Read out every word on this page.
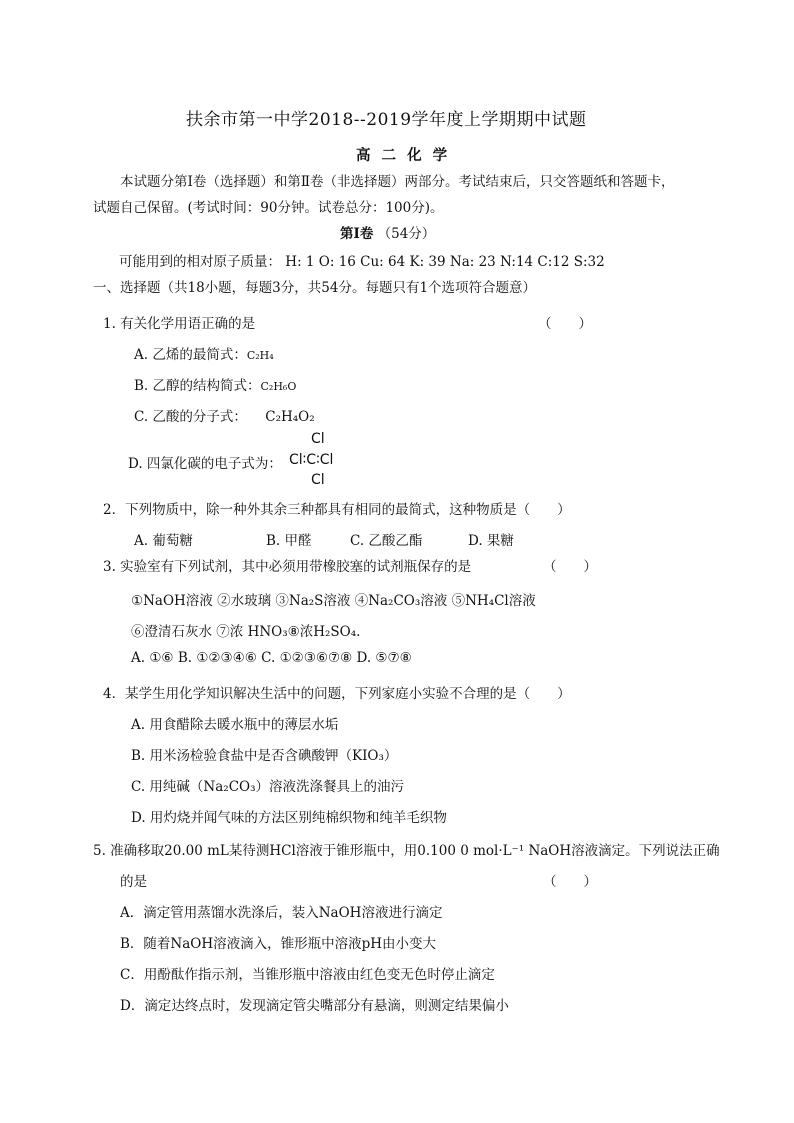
扶余市第一中学2018--2019学年度上学期期中试题
高 二 化 学
本试题分第Ⅰ卷（选择题）和第Ⅱ卷（非选择题）两部分。考试结束后，只交答题纸和答题卡，
试题自己保留。(考试时间：90分钟。试卷总分：100分)。
第Ⅰ卷 （54分）
可能用到的相对原子质量： H: 1 O: 16 Cu: 64 K: 39 Na: 23 N:14 C:12 S:32
一、选择题（共18小题，每题3分，共54分。每题只有1个选项符合题意）
1. 有关化学用语正确的是	（　　）
A. 乙烯的最简式：C₂H₄
B. 乙醇的结构简式：C₂H₆O
C. 乙酸的分子式： C₂H₄O₂
D. 四氯化碳的电子式为：
Cl
Cl∶C∶Cl
Cl
2．下列物质中，除一种外其余三种都具有相同的最简式，这种物质是（　　）
A. 葡萄糖	B. 甲醛	C. 乙酸乙酯	D. 果糖
3. 实验室有下列试剂，其中必须用带橡胶塞的试剂瓶保存的是	（　　）
①NaOH溶液 ②水玻璃 ③Na₂S溶液 ④Na₂CO₃溶液 ⑤NH₄Cl溶液
⑥澄清石灰水 ⑦浓 HNO₃⑧浓H₂SO₄.
A. ①⑥ B. ①②③④⑥ C. ①②③⑥⑦⑧ D. ⑤⑦⑧
4．某学生用化学知识解决生活中的问题，下列家庭小实验不合理的是（　　）
A. 用食醋除去暖水瓶中的薄层水垢
B. 用米汤检验食盐中是否含碘酸钾（KIO₃）
C. 用纯碱（Na₂CO₃）溶液洗涤餐具上的油污
D. 用灼烧并闻气味的方法区别纯棉织物和纯羊毛织物
5. 准确移取20.00 mL某待测HCl溶液于锥形瓶中，用0.100 0 mol·L⁻¹ NaOH溶液滴定。下列说法正确
的是	（　　）
A．滴定管用蒸馏水洗涤后，装入NaOH溶液进行滴定
B．随着NaOH溶液滴入，锥形瓶中溶液pH由小变大
C．用酚酞作指示剂，当锥形瓶中溶液由红色变无色时停止滴定
D．滴定达终点时，发现滴定管尖嘴部分有悬滴，则测定结果偏小
